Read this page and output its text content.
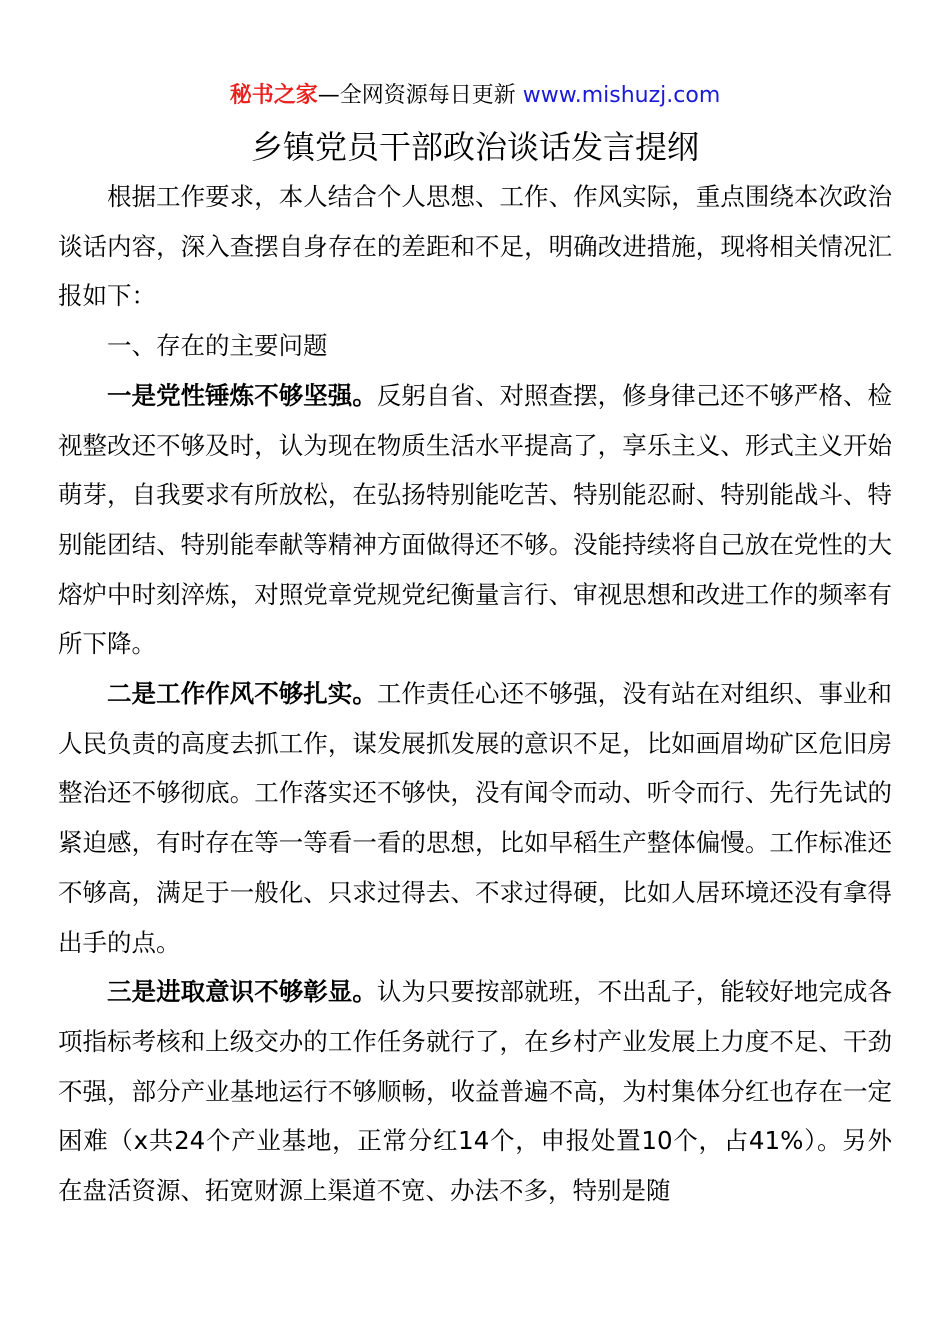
秘书之家—全网资源每日更新 www.mishuzj.com
乡镇党员干部政治谈话发言提纲

根据工作要求，本人结合个人思想、工作、作风实际，重点围绕本次政治谈话内容，深入查摆自身存在的差距和不足，明确改进措施，现将相关情况汇报如下：

一、存在的主要问题

一是党性锤炼不够坚强。反躬自省、对照查摆，修身律己还不够严格、检视整改还不够及时，认为现在物质生活水平提高了，享乐主义、形式主义开始萌芽，自我要求有所放松，在弘扬特别能吃苦、特别能忍耐、特别能战斗、特别能团结、特别能奉献等精神方面做得还不够。没能持续将自己放在党性的大熔炉中时刻淬炼，对照党章党规党纪衡量言行、审视思想和改进工作的频率有所下降。

二是工作作风不够扎实。工作责任心还不够强，没有站在对组织、事业和人民负责的高度去抓工作，谋发展抓发展的意识不足，比如画眉坳矿区危旧房整治还不够彻底。工作落实还不够快，没有闻令而动、听令而行、先行先试的紧迫感，有时存在等一等看一看的思想，比如早稻生产整体偏慢。工作标准还不够高，满足于一般化、只求过得去、不求过得硬，比如人居环境还没有拿得出手的点。

三是进取意识不够彰显。认为只要按部就班，不出乱子，能较好地完成各项指标考核和上级交办的工作任务就行了，在乡村产业发展上力度不足、干劲不强，部分产业基地运行不够顺畅，收益普遍不高，为村集体分红也存在一定困难（x共24个产业基地，正常分红14个，申报处置10个，占41%）。另外在盘活资源、拓宽财源上渠道不宽、办法不多，特别是随
